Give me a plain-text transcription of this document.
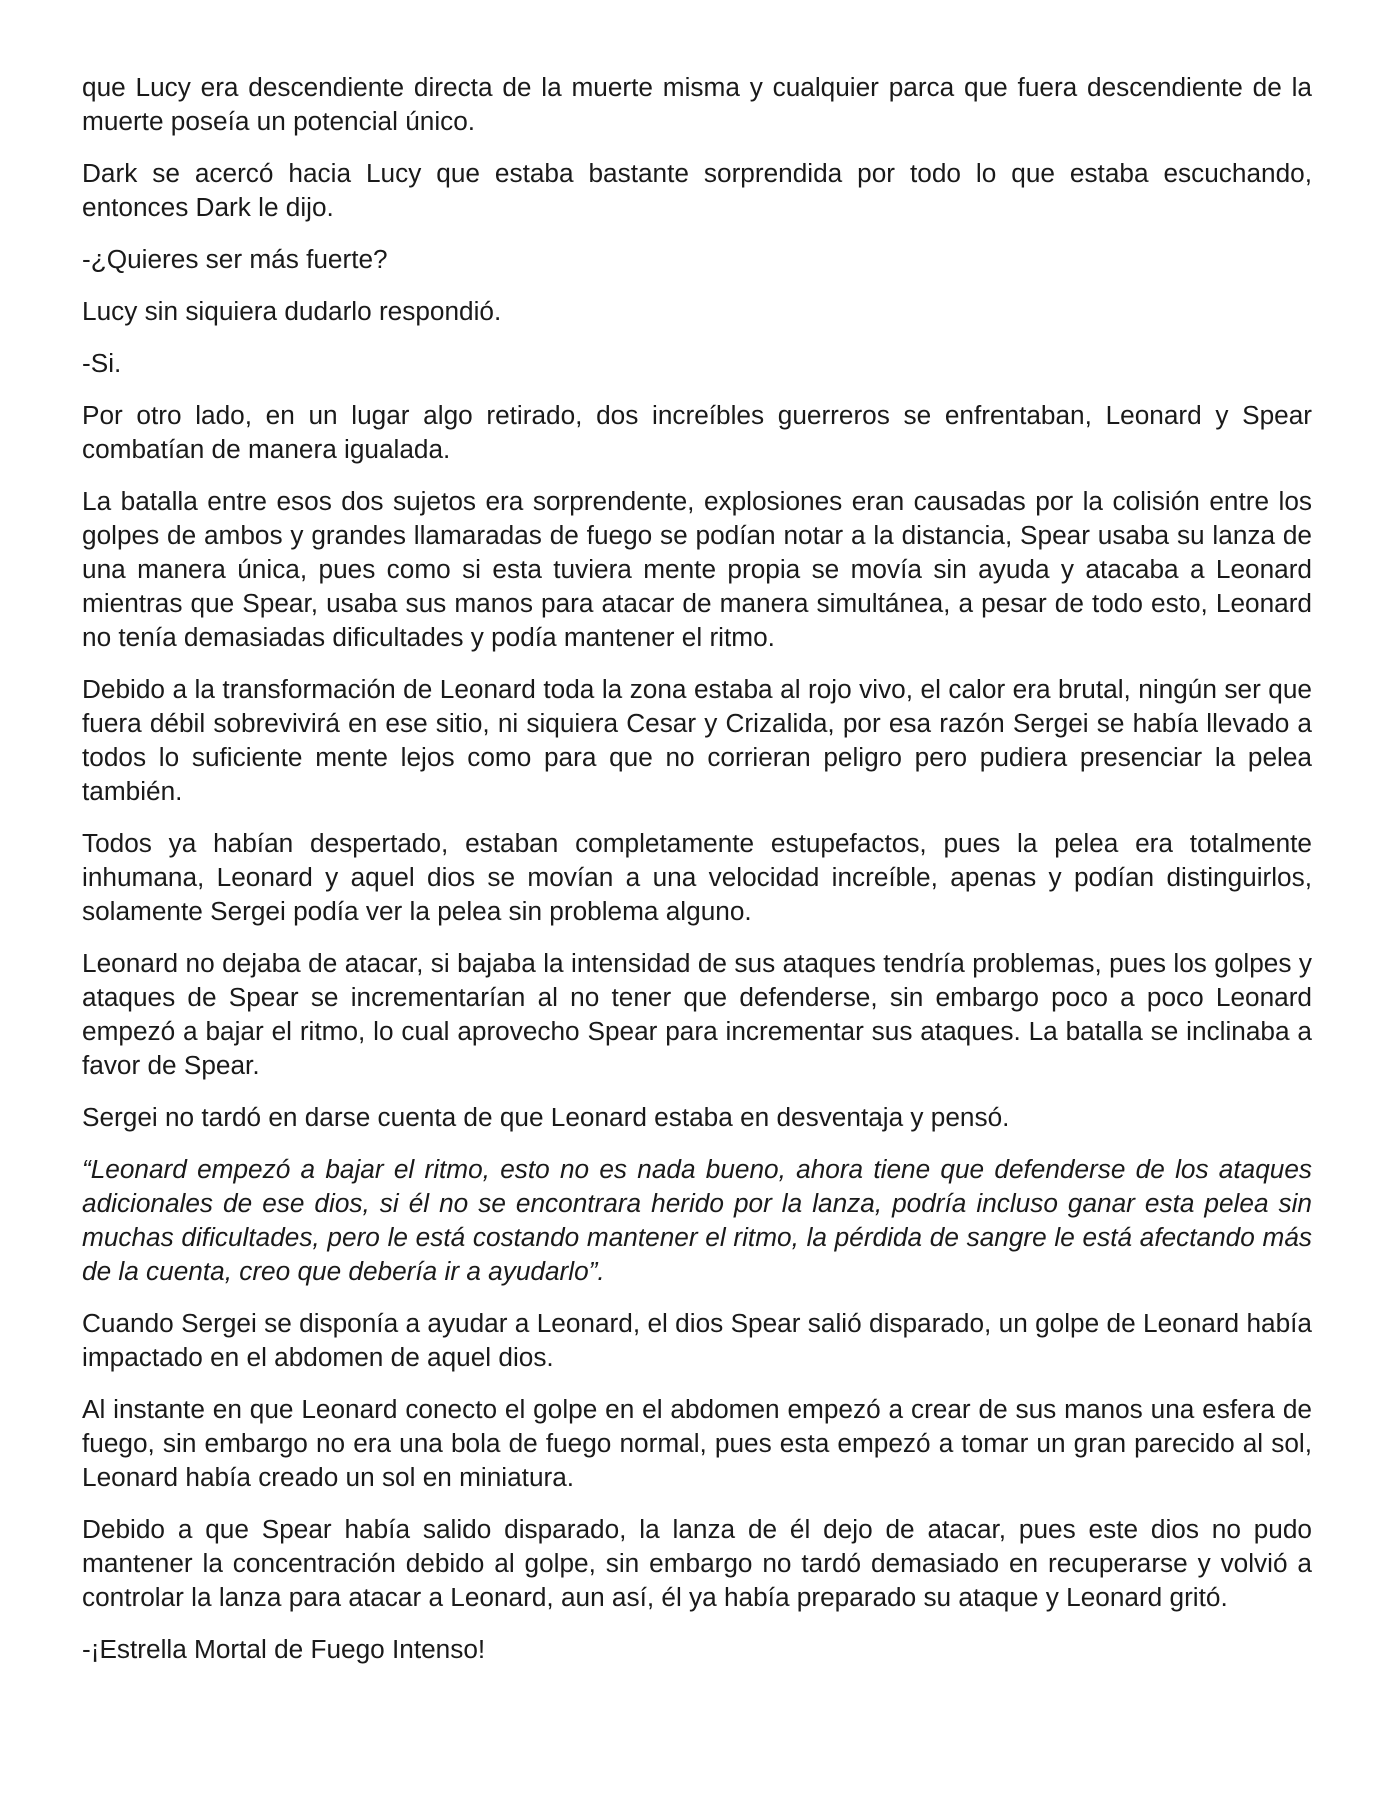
que Lucy era descendiente directa de la muerte misma y cualquier parca que fuera descendiente de la muerte poseía un potencial único.

Dark se acercó hacia Lucy que estaba bastante sorprendida por todo lo que estaba escuchando, entonces Dark le dijo.

-¿Quieres ser más fuerte?

Lucy sin siquiera dudarlo respondió.

-Si.

Por otro lado, en un lugar algo retirado, dos increíbles guerreros se enfrentaban, Leonard y Spear combatían de manera igualada.

La batalla entre esos dos sujetos era sorprendente, explosiones eran causadas por la colisión entre los golpes de ambos y grandes llamaradas de fuego se podían notar a la distancia, Spear usaba su lanza de una manera única, pues como si esta tuviera mente propia se movía sin ayuda y atacaba a Leonard mientras que Spear, usaba sus manos para atacar de manera simultánea, a pesar de todo esto, Leonard no tenía demasiadas dificultades y podía mantener el ritmo.

Debido a la transformación de Leonard toda la zona estaba al rojo vivo, el calor era brutal, ningún ser que fuera débil sobrevivirá en ese sitio, ni siquiera Cesar y Crizalida, por esa razón Sergei se había llevado a todos lo suficiente mente lejos como para que no corrieran peligro pero pudiera presenciar la pelea también.

Todos ya habían despertado, estaban completamente estupefactos, pues la pelea era totalmente inhumana, Leonard y aquel dios se movían a una velocidad increíble, apenas y podían distinguirlos, solamente Sergei podía ver la pelea sin problema alguno.

Leonard no dejaba de atacar, si bajaba la intensidad de sus ataques tendría problemas, pues los golpes y ataques de Spear se incrementarían al no tener que defenderse, sin embargo poco a poco Leonard empezó a bajar el ritmo, lo cual aprovecho Spear para incrementar sus ataques. La batalla se inclinaba a favor de Spear.

Sergei no tardó en darse cuenta de que Leonard estaba en desventaja y pensó.

“Leonard empezó a bajar el ritmo, esto no es nada bueno, ahora tiene que defenderse de los ataques adicionales de ese dios, si él no se encontrara herido por la lanza, podría incluso ganar esta pelea sin muchas dificultades, pero le está costando mantener el ritmo, la pérdida de sangre le está afectando más de la cuenta, creo que debería ir a ayudarlo”.

Cuando Sergei se disponía a ayudar a Leonard, el dios Spear salió disparado, un golpe de Leonard había impactado en el abdomen de aquel dios.

Al instante en que Leonard conecto el golpe en el abdomen empezó a crear de sus manos una esfera de fuego, sin embargo no era una bola de fuego normal, pues esta empezó a tomar un gran parecido al sol, Leonard había creado un sol en miniatura.

Debido a que Spear había salido disparado, la lanza de él dejo de atacar, pues este dios no pudo mantener la concentración debido al golpe, sin embargo no tardó demasiado en recuperarse y volvió a controlar la lanza para atacar a Leonard, aun así, él ya había preparado su ataque y Leonard gritó.

-¡Estrella Mortal de Fuego Intenso!
